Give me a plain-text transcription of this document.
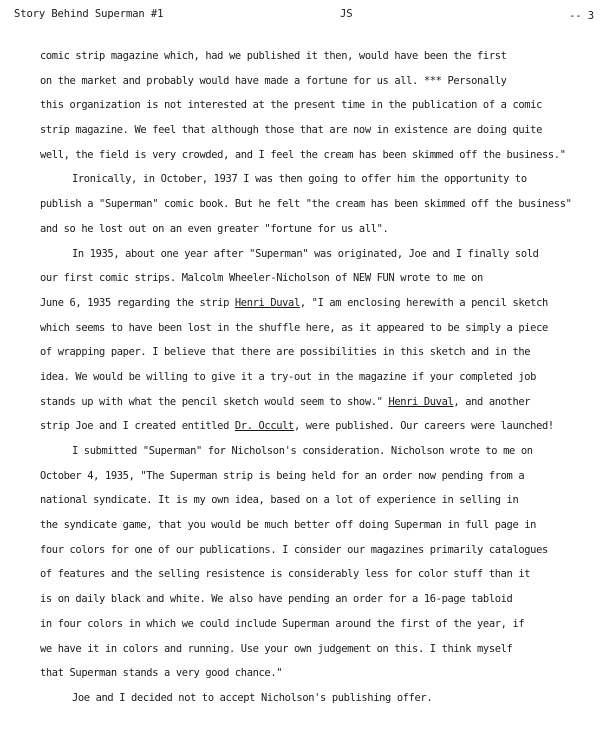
Story Behind Superman #1	JS	-- 3
comic strip magazine which, had we published it then, would have been the first
on the market and probably would have made a fortune for us all. *** Personally
this organization is not interested at the present time in the publication of a comic
strip magazine. We feel that although those that are now in existence are doing quite
well, the field is very crowded, and I feel the cream has been skimmed off the business."
Ironically, in October, 1937 I was then going to offer him the opportunity to
publish a "Superman" comic book. But he felt "the cream has been skimmed off the business"
and so he lost out on an even greater "fortune for us all".
In 1935, about one year after "Superman" was originated, Joe and I finally sold
our first comic strips. Malcolm Wheeler-Nicholson of NEW FUN wrote to me on
June 6, 1935 regarding the strip Henri Duval, "I am enclosing herewith a pencil sketch
which seems to have been lost in the shuffle here, as it appeared to be simply a piece
of wrapping paper. I believe that there are possibilities in this sketch and in the
idea. We would be willing to give it a try-out in the magazine if your completed job
stands up with what the pencil sketch would seem to show." Henri Duval, and another
strip Joe and I created entitled Dr. Occult, were published. Our careers were launched!
I submitted "Superman" for Nicholson's consideration. Nicholson wrote to me on
October 4, 1935, "The Superman strip is being held for an order now pending from a
national syndicate. It is my own idea, based on a lot of experience in selling in
the syndicate game, that you would be much better off doing Superman in full page in
four colors for one of our publications. I consider our magazines primarily catalogues
of features and the selling resistence is considerably less for color stuff than it
is on daily black and white. We also have pending an order for a 16-page tabloid
in four colors in which we could include Superman around the first of the year, if
we have it in colors and running. Use your own judgement on this. I think myself
that Superman stands a very good chance."
Joe and I decided not to accept Nicholson's publishing offer.
